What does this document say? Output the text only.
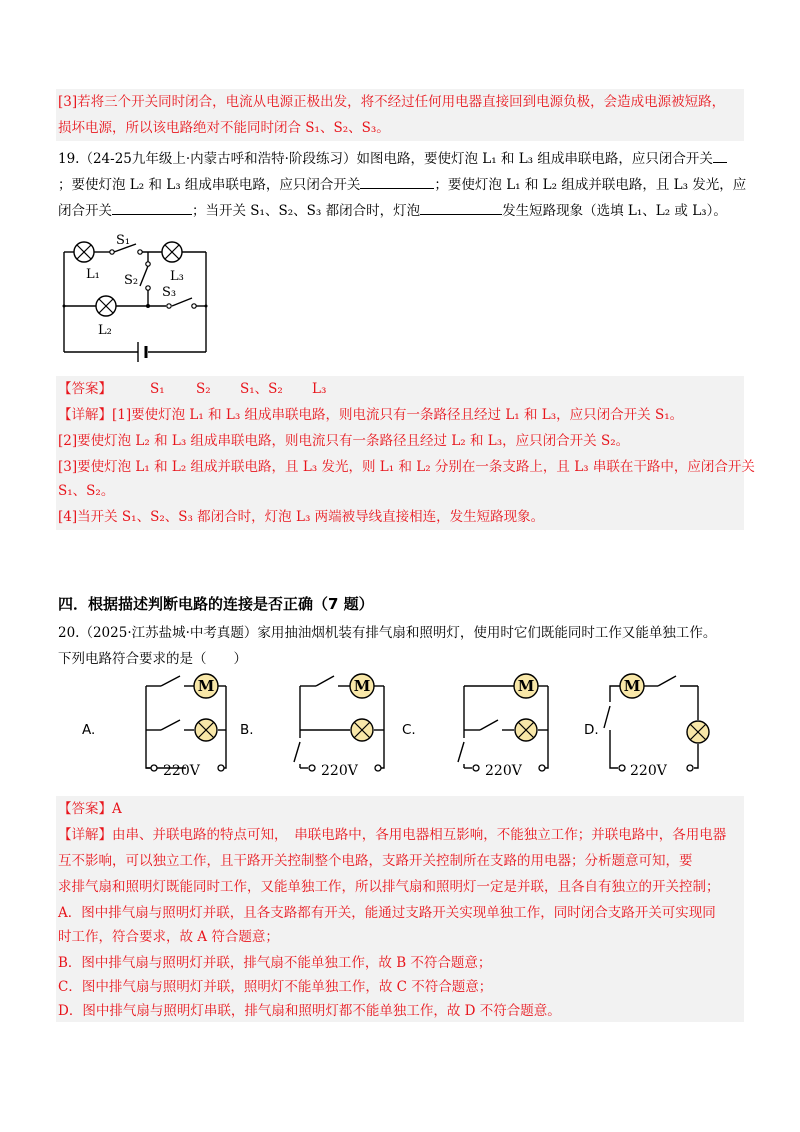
[3]若将三个开关同时闭合，电流从电源正极出发，将不经过任何用电器直接回到电源负极，会造成电源被短路，
损坏电源，所以该电路绝对不能同时闭合 S₁、S₂、S₃。
19.（24-25九年级上·内蒙古呼和浩特·阶段练习）如图电路，要使灯泡 L₁ 和 L₃ 组成串联电路，应只闭合开关
；要使灯泡 L₂ 和 L₃ 组成串联电路，应只闭合开关	；要使灯泡 L₁ 和 L₂ 组成并联电路，且 L₃ 发光，应
闭合开关	；当开关 S₁、S₂、S₃ 都闭合时，灯泡	发生短路现象（选填 L₁、L₂ 或 L₃）。
S₁
L₁	L₃
S₂
S₃
L₂
【答案】	S₁ S₂ S₁、S₂ L₃
【详解】[1]要使灯泡 L₁ 和 L₃ 组成串联电路，则电流只有一条路径且经过 L₁ 和 L₃，应只闭合开关 S₁。
[2]要使灯泡 L₂ 和 L₃ 组成串联电路，则电流只有一条路径且经过 L₂ 和 L₃，应只闭合开关 S₂。
[3]要使灯泡 L₁ 和 L₂ 组成并联电路，且 L₃ 发光，则 L₁ 和 L₂ 分别在一条支路上，且 L₃ 串联在干路中，应闭合开关
S₁、S₂。
[4]当开关 S₁、S₂、S₃ 都闭合时，灯泡 L₃ 两端被导线直接相连，发生短路现象。
四．根据描述判断电路的连接是否正确（7 题）
20.（2025·江苏盐城·中考真题）家用抽油烟机装有排气扇和照明灯，使用时它们既能同时工作又能单独工作。
下列电路符合要求的是（　　）
A.
M
220V
B.
M
220V
C.
M
220V
D.
M
220V
【答案】A
【详解】由串、并联电路的特点可知，　串联电路中，各用电器相互影响，不能独立工作；并联电路中，各用电器
互不影响，可以独立工作，且干路开关控制整个电路，支路开关控制所在支路的用电器；分析题意可知，要
求排气扇和照明灯既能同时工作，又能单独工作，所以排气扇和照明灯一定是并联，且各自有独立的开关控制；
A．图中排气扇与照明灯并联，且各支路都有开关，能通过支路开关实现单独工作，同时闭合支路开关可实现同
时工作，符合要求，故 A 符合题意；
B．图中排气扇与照明灯并联，排气扇不能单独工作，故 B 不符合题意；
C．图中排气扇与照明灯并联，照明灯不能单独工作，故 C 不符合题意；
D．图中排气扇与照明灯串联，排气扇和照明灯都不能单独工作，故 D 不符合题意。
